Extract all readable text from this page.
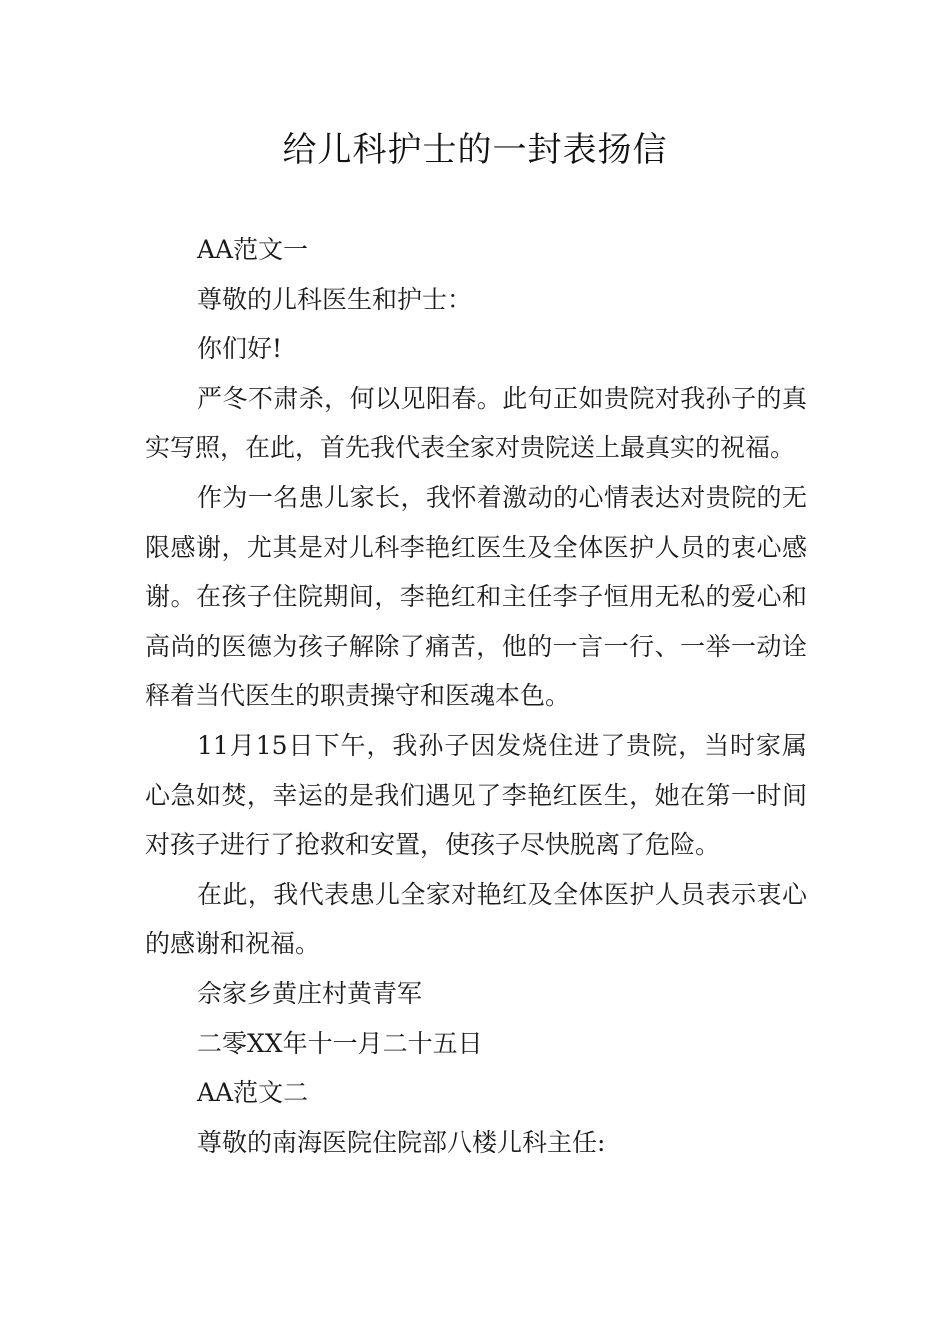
给儿科护士的一封表扬信

AA范文一

尊敬的儿科医生和护士：

你们好!

严冬不肃杀，何以见阳春。此句正如贵院对我孙子的真实写照，在此，首先我代表全家对贵院送上最真实的祝福。

作为一名患儿家长，我怀着激动的心情表达对贵院的无限感谢，尤其是对儿科李艳红医生及全体医护人员的衷心感谢。在孩子住院期间，李艳红和主任李子恒用无私的爱心和高尚的医德为孩子解除了痛苦，他的一言一行、一举一动诠释着当代医生的职责操守和医魂本色。

11月15日下午，我孙子因发烧住进了贵院，当时家属心急如焚，幸运的是我们遇见了李艳红医生，她在第一时间对孩子进行了抢救和安置，使孩子尽快脱离了危险。

在此，我代表患儿全家对艳红及全体医护人员表示衷心的感谢和祝福。

佘家乡黄庄村黄青军

二零XX年十一月二十五日

AA范文二

尊敬的南海医院住院部八楼儿科主任:
